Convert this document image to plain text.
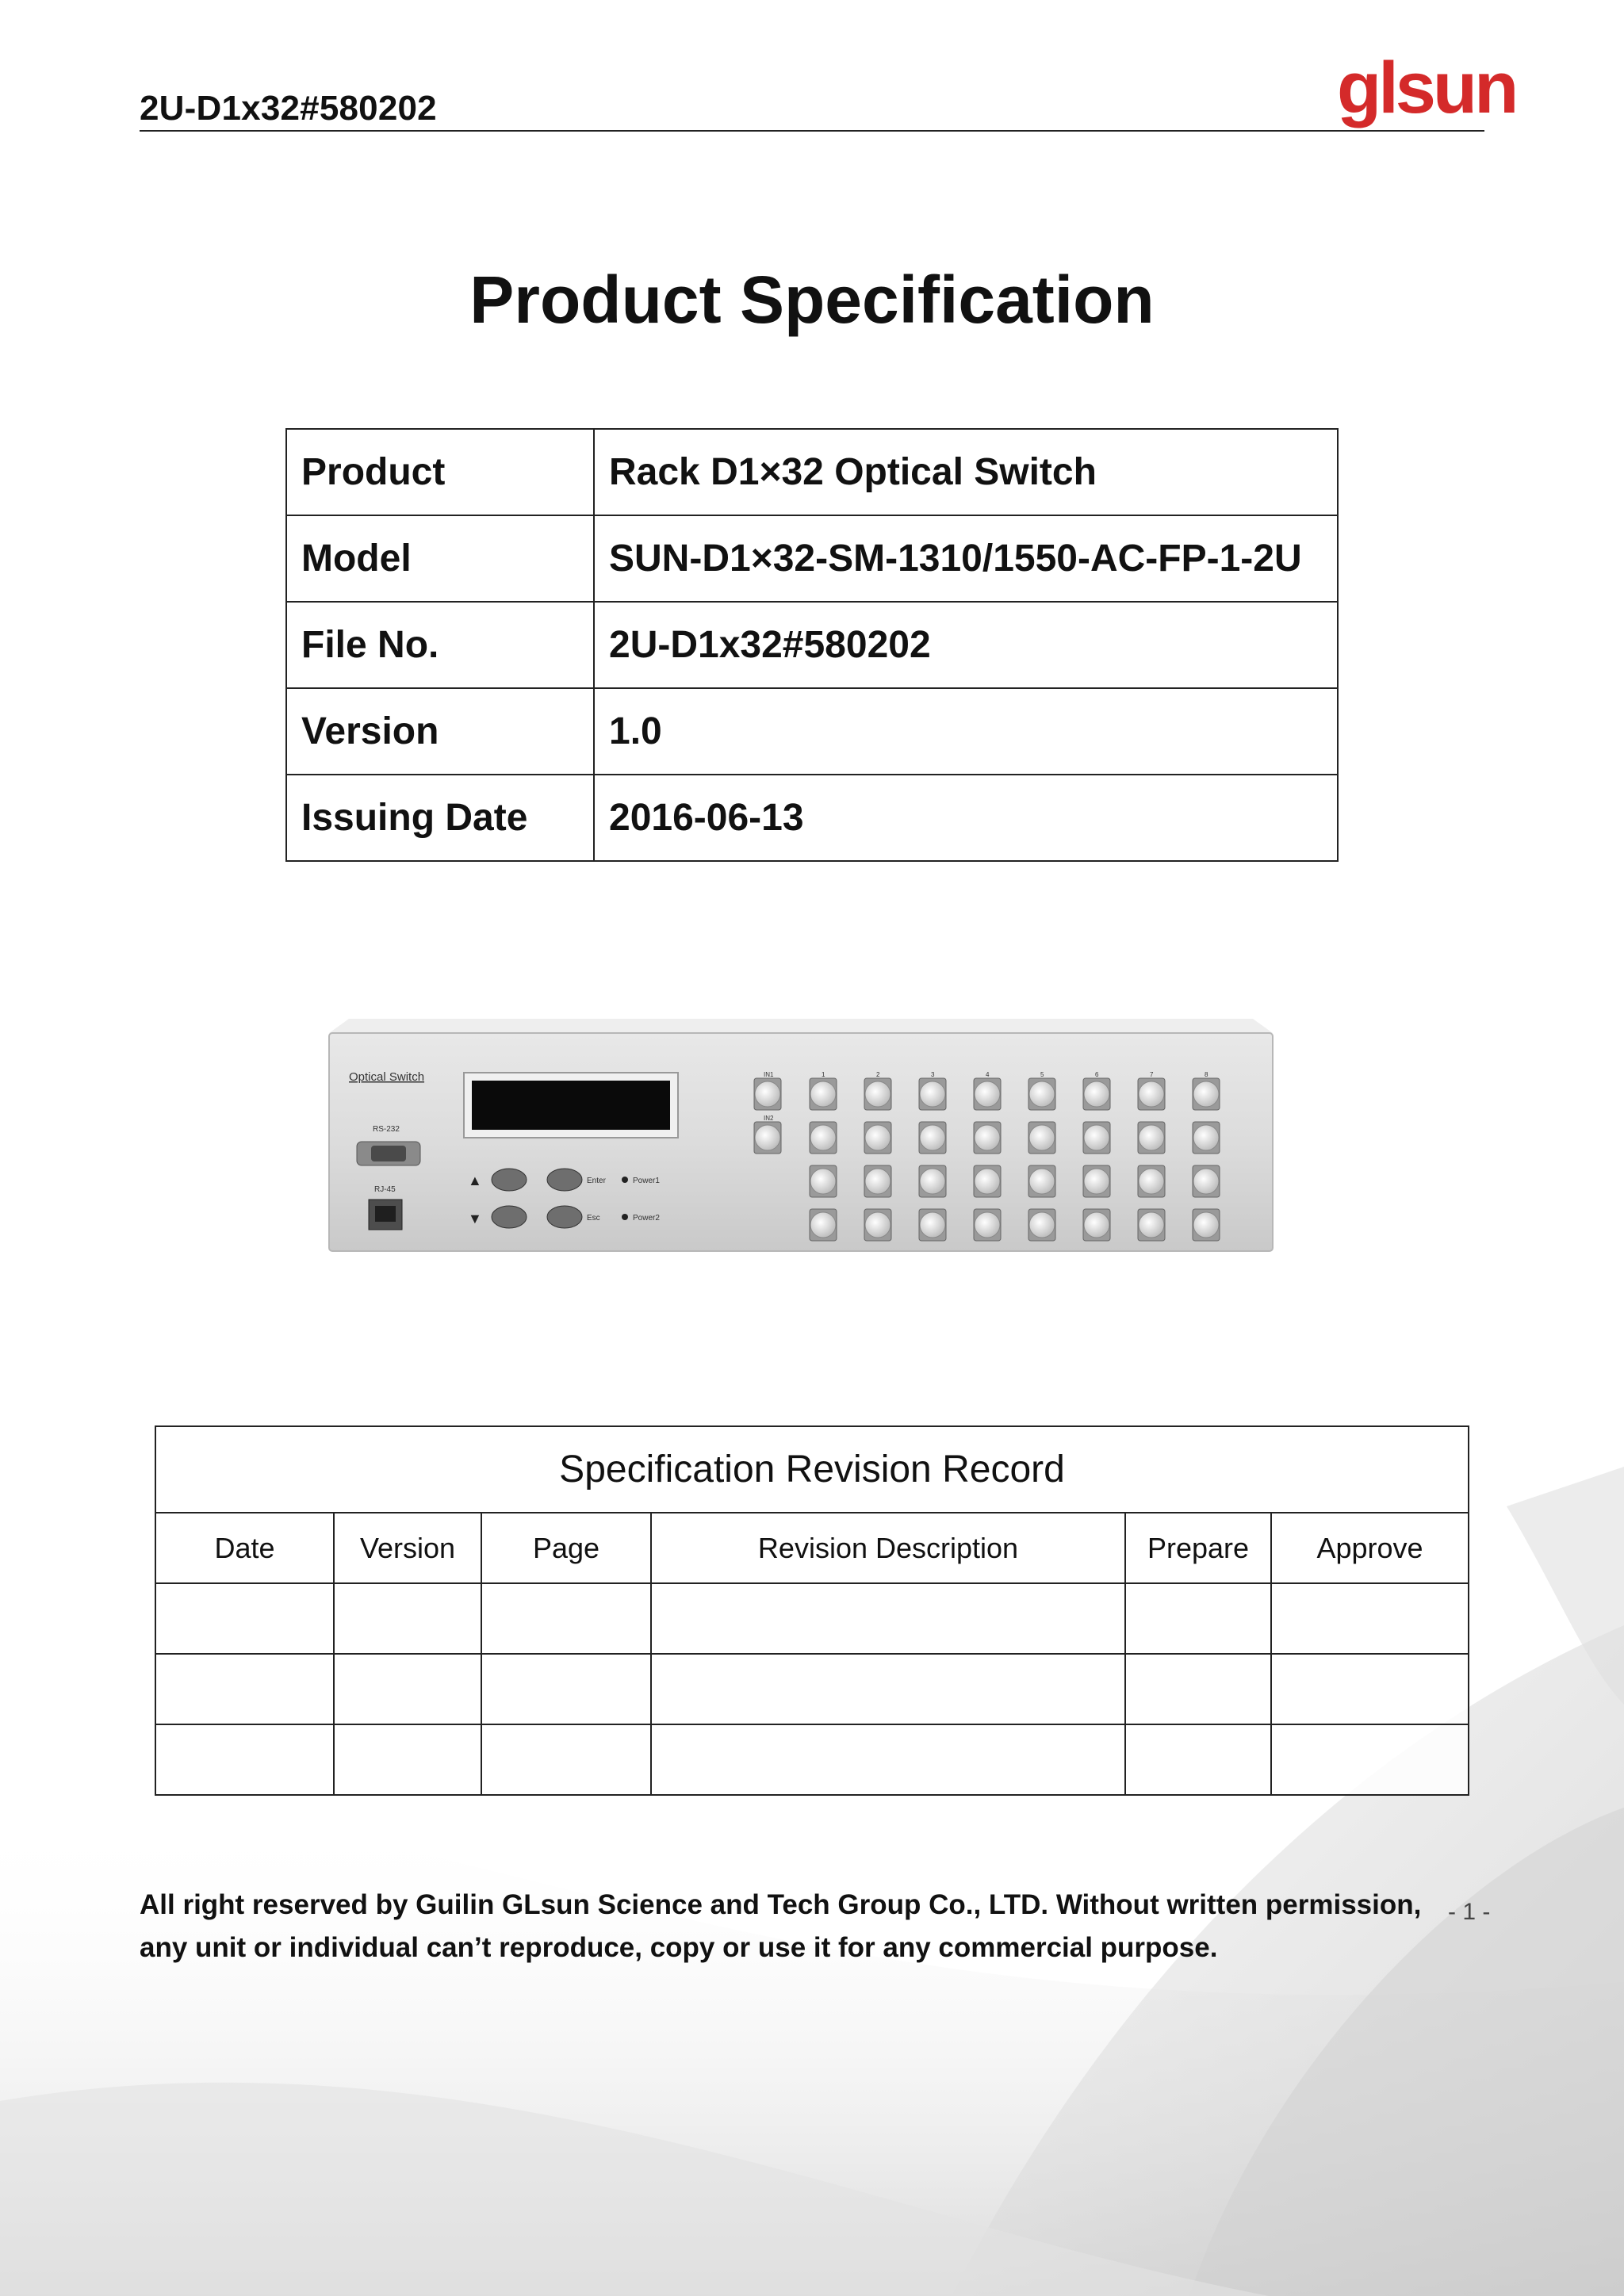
2U-D1x32#580202	glsun
Product Specification
Product	Rack D1×32 Optical Switch
Model	SUN-D1×32-SM-1310/1550-AC-FP-1-2U
File No.	2U-D1x32#580202
Version	1.0
Issuing Date	2016-06-13
Optical Switch
RS-232
RJ-45
▲
▼
Enter
Esc
Power1
Power2
IN1
IN2
1	2	3	4	5	6	7	8
Specification Revision Record					
Date	Version	Page	Revision Description	Prepare	Approve

- 1 -
All right reserved by Guilin GLsun Science and Tech Group Co., LTD. Without written permission,
any unit or individual can’t reproduce, copy or use it for any commercial purpose.
